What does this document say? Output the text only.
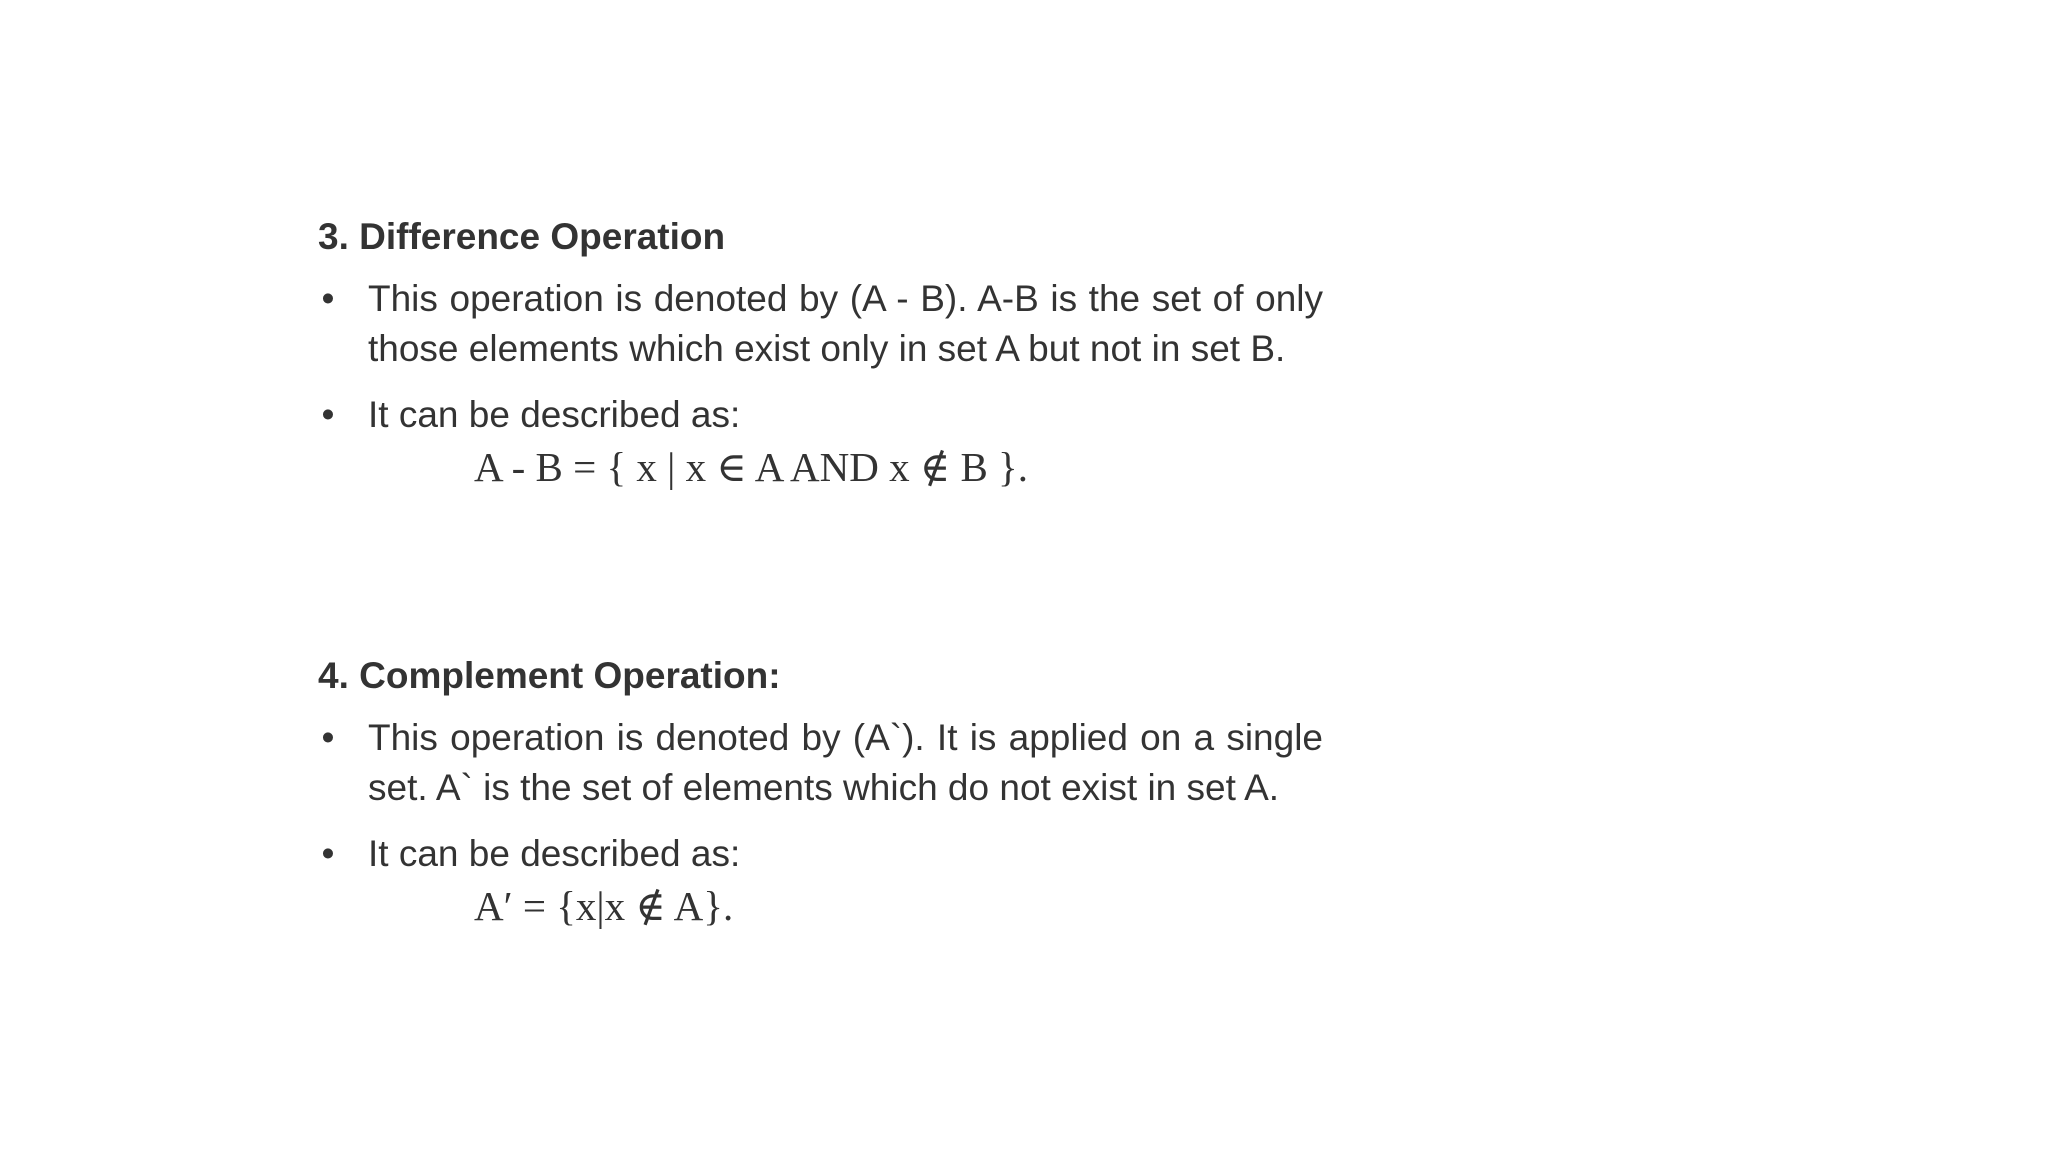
3. Difference Operation
• This operation is denoted by (A - B). A-B is the set of only those elements which exist only in set A but not in set B.
• It can be described as:
A - B = { x | x ∈ A AND x ∉ B }.
4. Complement Operation:
• This operation is denoted by (A`). It is applied on a single set. A` is the set of elements which do not exist in set A.
• It can be described as:
A′ = {x|x ∉ A}.
